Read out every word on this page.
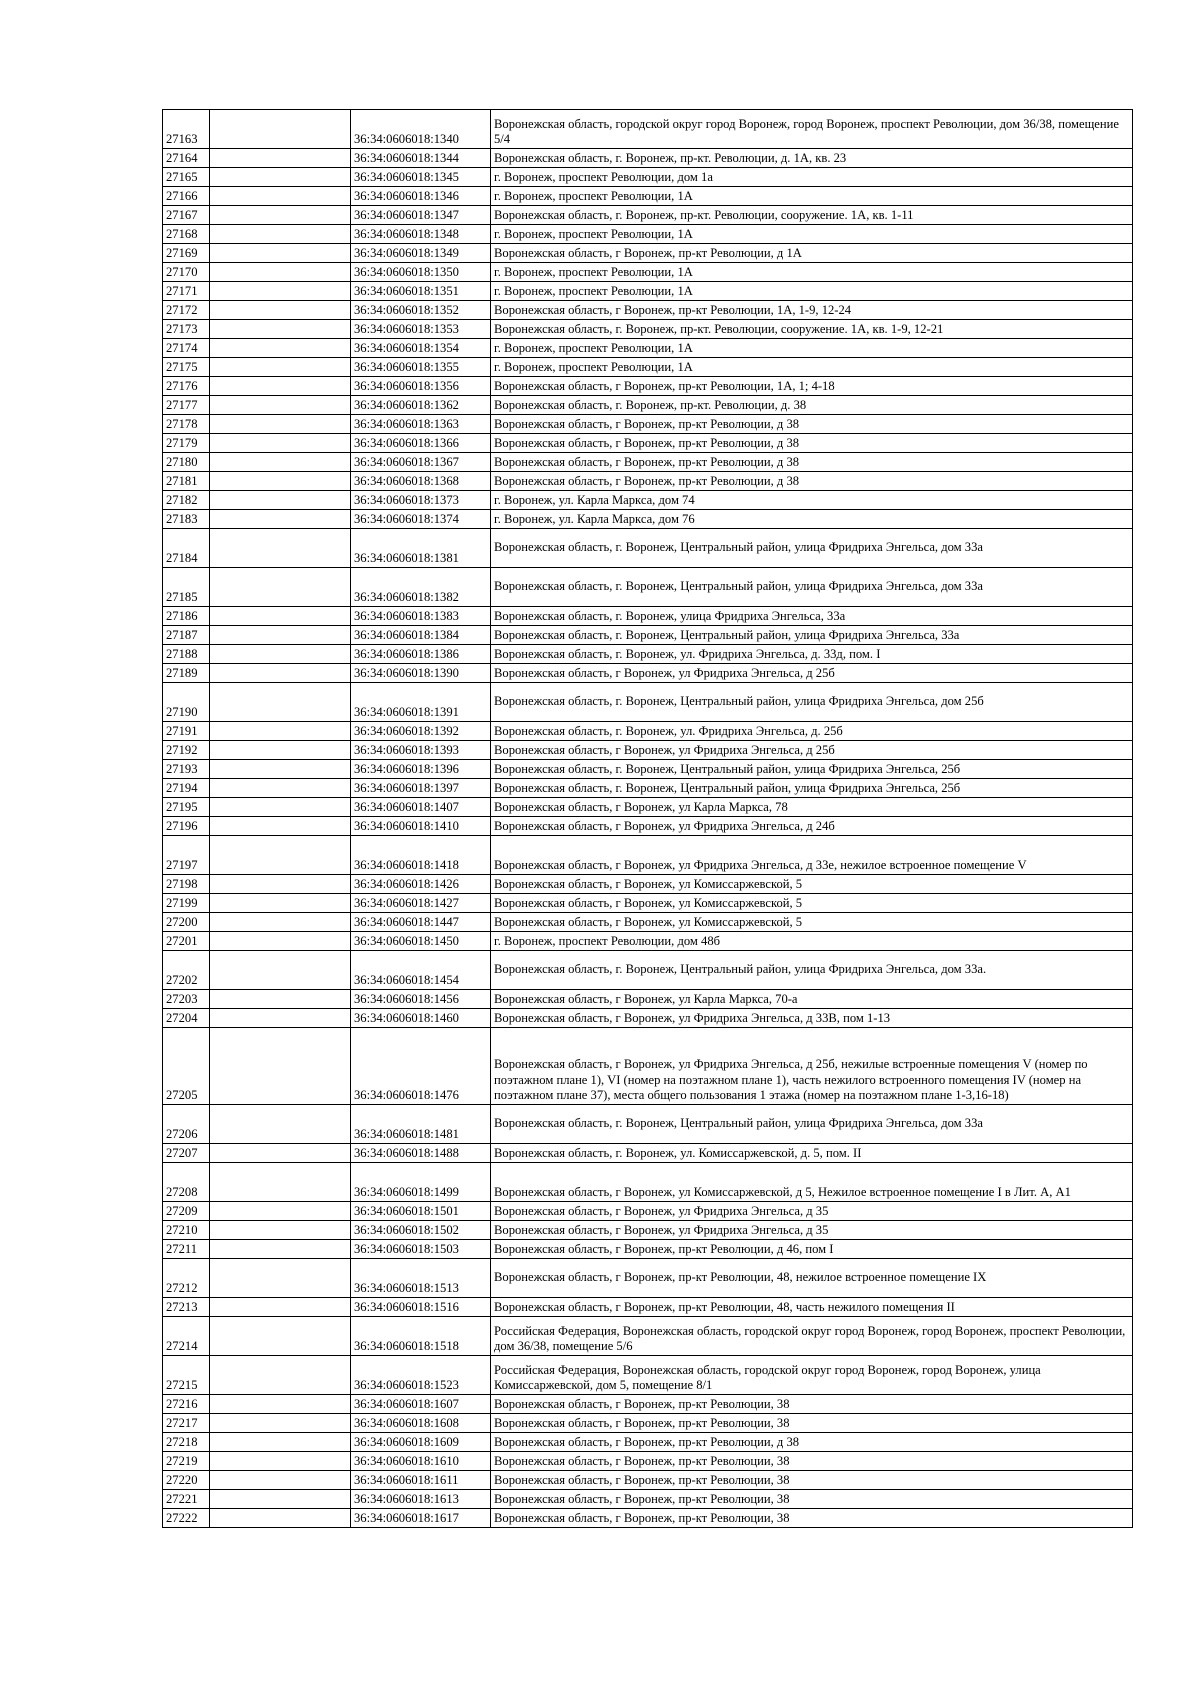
27163		36:34:0606018:1340	Воронежская область, городской округ город Воронеж, город Воронеж, проспект Революции, дом 36/38, помещение 5/4
27164		36:34:0606018:1344	Воронежская область, г. Воронеж, пр-кт. Революции, д. 1А, кв. 23
27165		36:34:0606018:1345	г. Воронеж, проспект Революции, дом 1а
27166		36:34:0606018:1346	г. Воронеж, проспект Революции, 1А
27167		36:34:0606018:1347	Воронежская область, г. Воронеж, пр-кт. Революции, сооружение. 1А, кв. 1-11
27168		36:34:0606018:1348	г. Воронеж, проспект Революции, 1А
27169		36:34:0606018:1349	Воронежская область, г Воронеж, пр-кт Революции, д 1А
27170		36:34:0606018:1350	г. Воронеж, проспект Революции, 1А
27171		36:34:0606018:1351	г. Воронеж, проспект Революции, 1А
27172		36:34:0606018:1352	Воронежская область, г Воронеж, пр-кт Революции, 1А, 1-9, 12-24
27173		36:34:0606018:1353	Воронежская область, г. Воронеж, пр-кт. Революции, сооружение. 1А, кв. 1-9, 12-21
27174		36:34:0606018:1354	г. Воронеж, проспект Революции, 1А
27175		36:34:0606018:1355	г. Воронеж, проспект Революции, 1А
27176		36:34:0606018:1356	Воронежская область, г Воронеж, пр-кт Революции, 1А, 1; 4-18
27177		36:34:0606018:1362	Воронежская область, г. Воронеж, пр-кт. Революции, д. 38
27178		36:34:0606018:1363	Воронежская область, г Воронеж, пр-кт Революции, д 38
27179		36:34:0606018:1366	Воронежская область, г Воронеж, пр-кт Революции, д 38
27180		36:34:0606018:1367	Воронежская область, г Воронеж, пр-кт Революции, д 38
27181		36:34:0606018:1368	Воронежская область, г Воронеж, пр-кт Революции, д 38
27182		36:34:0606018:1373	г. Воронеж, ул. Карла Маркса, дом 74
27183		36:34:0606018:1374	г. Воронеж, ул. Карла Маркса, дом 76
27184		36:34:0606018:1381	Воронежская область, г. Воронеж, Центральный район, улица Фридриха Энгельса, дом 33а
27185		36:34:0606018:1382	Воронежская область, г. Воронеж, Центральный район, улица Фридриха Энгельса, дом 33а
27186		36:34:0606018:1383	Воронежская область, г. Воронеж, улица Фридриха Энгельса, 33а
27187		36:34:0606018:1384	Воронежская область, г. Воронеж, Центральный район, улица Фридриха Энгельса, 33а
27188		36:34:0606018:1386	Воронежская область, г. Воронеж, ул. Фридриха Энгельса, д. 33д, пом. I
27189		36:34:0606018:1390	Воронежская область, г Воронеж, ул Фридриха Энгельса, д 25б
27190		36:34:0606018:1391	Воронежская область, г. Воронеж, Центральный район, улица Фридриха Энгельса, дом 25б
27191		36:34:0606018:1392	Воронежская область, г. Воронеж, ул. Фридриха Энгельса, д. 25б
27192		36:34:0606018:1393	Воронежская область, г Воронеж, ул Фридриха Энгельса, д 25б
27193		36:34:0606018:1396	Воронежская область, г. Воронеж, Центральный район, улица Фридриха Энгельса, 25б
27194		36:34:0606018:1397	Воронежская область, г. Воронеж, Центральный район, улица Фридриха Энгельса, 25б
27195		36:34:0606018:1407	Воронежская область, г Воронеж, ул Карла Маркса, 78
27196		36:34:0606018:1410	Воронежская область, г Воронеж, ул Фридриха Энгельса, д 24б
27197		36:34:0606018:1418	Воронежская область, г Воронеж, ул Фридриха Энгельса, д 33е, нежилое встроенное помещение V
27198		36:34:0606018:1426	Воронежская область, г Воронеж, ул Комиссаржевской, 5
27199		36:34:0606018:1427	Воронежская область, г Воронеж, ул Комиссаржевской, 5
27200		36:34:0606018:1447	Воронежская область, г Воронеж, ул Комиссаржевской, 5
27201		36:34:0606018:1450	г. Воронеж, проспект Революции, дом 48б
27202		36:34:0606018:1454	Воронежская область, г. Воронеж, Центральный район, улица Фридриха Энгельса, дом 33а.
27203		36:34:0606018:1456	Воронежская область, г Воронеж, ул Карла Маркса, 70-а
27204		36:34:0606018:1460	Воронежская область, г Воронеж, ул Фридриха Энгельса, д 33В, пом 1-13
27205		36:34:0606018:1476	Воронежская область, г Воронеж, ул Фридриха Энгельса, д 25б, нежилые встроенные помещения V (номер по поэтажном плане 1), VI (номер на поэтажном плане 1), часть нежилого встроенного помещения IV (номер на поэтажном плане 37), места общего пользования 1 этажа (номер на поэтажном плане 1-3,16-18)
27206		36:34:0606018:1481	Воронежская область, г. Воронеж, Центральный район, улица Фридриха Энгельса, дом 33а
27207		36:34:0606018:1488	Воронежская область, г. Воронеж, ул. Комиссаржевской, д. 5, пом. II
27208		36:34:0606018:1499	Воронежская область, г Воронеж, ул Комиссаржевской, д 5, Нежилое встроенное помещение I в Лит. А, А1
27209		36:34:0606018:1501	Воронежская область, г Воронеж, ул Фридриха Энгельса, д 35
27210		36:34:0606018:1502	Воронежская область, г Воронеж, ул Фридриха Энгельса, д 35
27211		36:34:0606018:1503	Воронежская область, г Воронеж, пр-кт Революции, д 46, пом I
27212		36:34:0606018:1513	Воронежская область, г Воронеж, пр-кт Революции, 48, нежилое встроенное помещение IX
27213		36:34:0606018:1516	Воронежская область, г Воронеж, пр-кт Революции, 48, часть нежилого помещения II
27214		36:34:0606018:1518	Российская Федерация, Воронежская область, городской округ город Воронеж, город Воронеж, проспект Революции, дом 36/38, помещение 5/6
27215		36:34:0606018:1523	Российская Федерация, Воронежская область, городской округ город Воронеж, город Воронеж, улица Комиссаржевской, дом 5, помещение 8/1
27216		36:34:0606018:1607	Воронежская область, г Воронеж, пр-кт Революции, 38
27217		36:34:0606018:1608	Воронежская область, г Воронеж, пр-кт Революции, 38
27218		36:34:0606018:1609	Воронежская область, г Воронеж, пр-кт Революции, д 38
27219		36:34:0606018:1610	Воронежская область, г Воронеж, пр-кт Революции, 38
27220		36:34:0606018:1611	Воронежская область, г Воронеж, пр-кт Революции, 38
27221		36:34:0606018:1613	Воронежская область, г Воронеж, пр-кт Революции, 38
27222		36:34:0606018:1617	Воронежская область, г Воронеж, пр-кт Революции, 38
